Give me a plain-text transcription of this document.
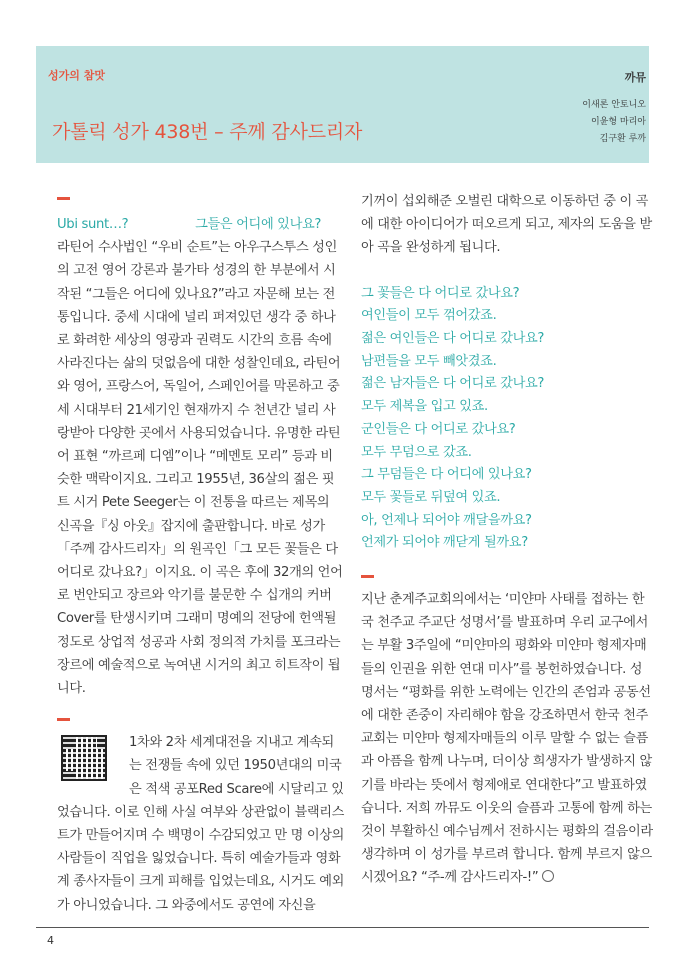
성가의 참맛	까뮤
가톨릭 성가 438번 – 주께 감사드리자
이새론 안토니오
이윤형 마리아
김구환 루까
Ubi sunt…?	그들은 어디에 있나요?

라틴어 수사법인 “우비 순트”는 아우구스투스 성인의 고전 영어 강론과 불가타 성경의 한 부분에서 시작된 “그들은 어디에 있나요?”라고 자문해 보는 전통입니다. 중세 시대에 널리 퍼져있던 생각 중 하나로 화려한 세상의 영광과 권력도 시간의 흐름 속에 사라진다는 삶의 덧없음에 대한 성찰인데요, 라틴어와 영어, 프랑스어, 독일어, 스페인어를 막론하고 중세 시대부터 21세기인 현재까지 수 천년간 널리 사랑받아 다양한 곳에서 사용되었습니다. 유명한 라틴어 표현 “까르페 디엠”이나 “메멘토 모리” 등과 비슷한 맥락이지요. 그리고 1955년, 36살의 젊은 핏트 시거 Pete Seeger는 이 전통을 따르는 제목의 신곡을『싱 아웃』잡지에 출판합니다. 바로 성가「주께 감사드리자」의 원곡인「그 모든 꽃들은 다 어디로 갔나요?」이지요. 이 곡은 후에 32개의 언어로 번안되고 장르와 악기를 불문한 수 십개의 커버Cover를 탄생시키며 그래미 명예의 전당에 헌액될 정도로 상업적 성공과 사회 정의적 가치를 포크라는 장르에 예술적으로 녹여낸 시거의 최고 히트작이 됩니다.

1차와 2차 세계대전을 지내고 계속되는 전쟁들 속에 있던 1950년대의 미국은 적색 공포Red Scare에 시달리고 있었습니다. 이로 인해 사실 여부와 상관없이 블랙리스트가 만들어지며 수 백명이 수감되었고 만 명 이상의 사람들이 직업을 잃었습니다. 특히 예술가들과 영화계 종사자들이 크게 피해를 입었는데요, 시거도 예외가 아니었습니다. 그 와중에서도 공연에 자신을

기꺼이 섭외해준 오벌린 대학으로 이동하던 중 이 곡에 대한 아이디어가 떠오르게 되고, 제자의 도움을 받아 곡을 완성하게 됩니다.

그 꽃들은 다 어디로 갔나요?

여인들이 모두 꺾어갔죠.

젊은 여인들은 다 어디로 갔나요?

남편들을 모두 빼앗겼죠.

젊은 남자들은 다 어디로 갔나요?

모두 제복을 입고 있죠.

군인들은 다 어디로 갔나요?

모두 무덤으로 갔죠.

그 무덤들은 다 어디에 있나요?

모두 꽃들로 뒤덮여 있죠.

아, 언제나 되어야 깨달을까요?

언제가 되어야 깨닫게 될까요?

지난 춘계주교회의에서는 ‘미얀마 사태를 접하는 한국 천주교 주교단 성명서’를 발표하며 우리 교구에서는 부활 3주일에 “미얀마의 평화와 미얀마 형제자매들의 인권을 위한 연대 미사”를 봉헌하였습니다. 성명서는 “평화를 위한 노력에는 인간의 존엄과 공동선에 대한 존중이 자리해야 함을 강조하면서 한국 천주교회는 미얀마 형제자매들의 이루 말할 수 없는 슬픔과 아픔을 함께 나누며, 더이상 희생자가 발생하지 않기를 바라는 뜻에서 형제애로 연대한다”고 발표하였습니다. 저희 까뮤도 이웃의 슬픔과 고통에 함께 하는 것이 부활하신 예수님께서 전하시는 평화의 걸음이라 생각하며 이 성가를 부르려 합니다. 함께 부르지 않으시겠어요? “주-께 감사드리자-!”

4
